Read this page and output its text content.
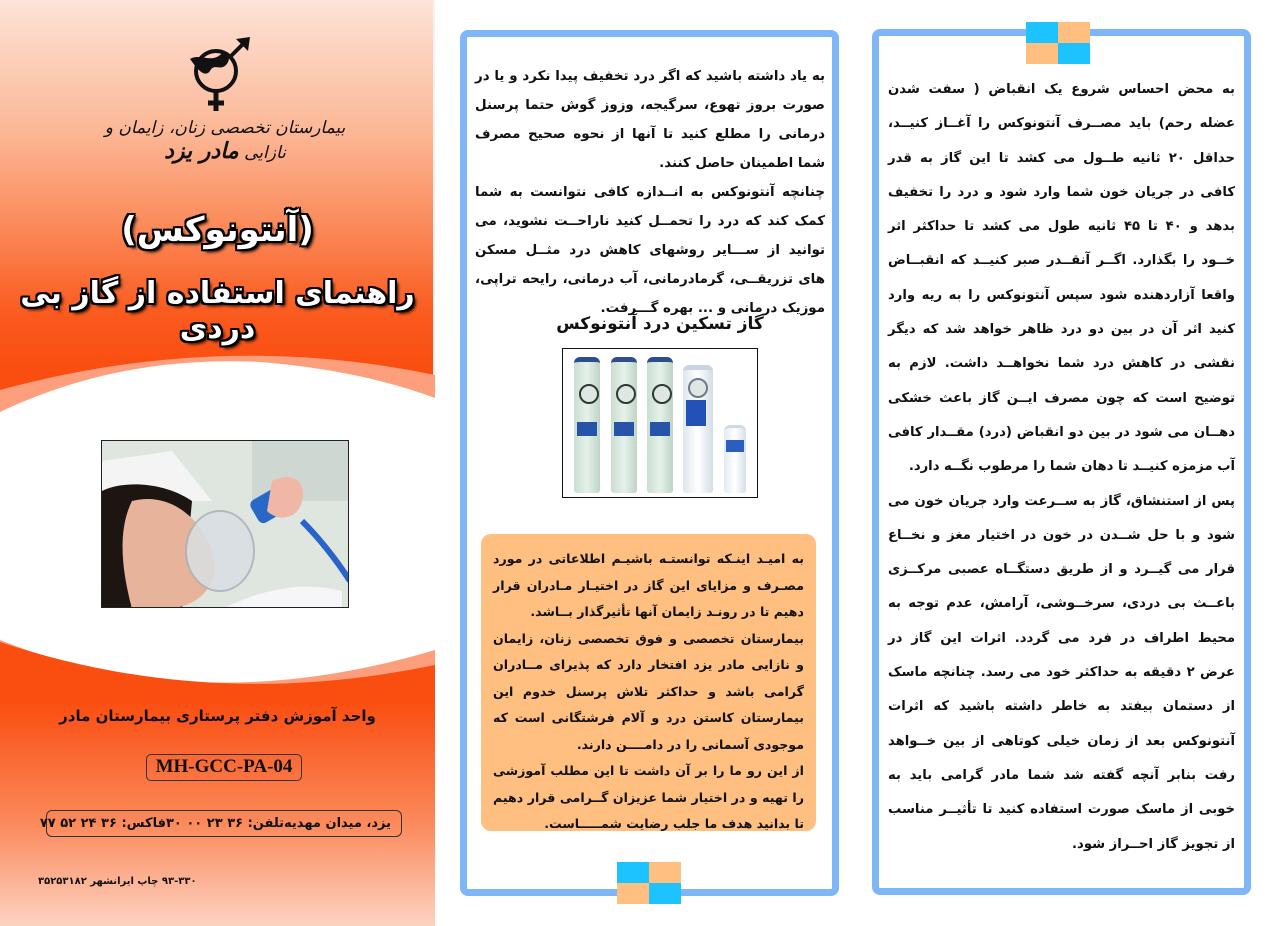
بیمارستان تخصصی زنان، زایمان و نازایی مادر یزد
(آنتونوکس)
راهنمای استفاده از گاز بی دردی
واحد آموزش دفتر پرستاری بیمارستان مادر
MH-GCC-PA-04
یزد، میدان مهدیه
تلفن: ۳۶ ۲۳ ۰۰ ۳۰
فاکس: ۳۶ ۲۴ ۵۲ ۷۷
۹۳-۳۳۰ چاپ ایرانشهر ۳۵۲۵۳۱۸۲

به یاد داشته باشید که اگر درد تخفیف پیدا نکرد و یا در صورت بروز تهوع، سرگیجه، وزوز گوش حتما پرسنل درمانی را مطلع کنید تا آنها از نحوه صحیح مصرف شما اطمینان حاصل کنند.

چنانچه آنتونوکس به انــدازه کافی نتوانست به شما کمک کند که درد را تحمــل کنید ناراحــت نشوید، می توانید از ســـایر روشهای کاهش درد مثــل مسکن های تزریقــی، گرمادرمانی، آب درمانی، رایحه تراپی، موزیک درمانی و ... بهره گـــرفت.

گاز تسکین درد آنتونوکس

به امیـد اینـکه توانستـه باشیـم اطلاعاتی در مورد مصـرف و مزایای این گاز در اختیـار مـادران قرار دهیم تا در رونـد زایمان آنها تأثیرگذار بــاشد.

بیمارستان تخصصی و فوق تخصصی زنان، زایمان و نازایی مادر یزد افتخار دارد که پذیرای مــادران گرامی باشد و حداکثر تلاش پرسنل خدوم این بیمارستان کاستن درد و آلام فرشتگانی است که موجودی آسمانی را در دامــــن دارند.

از این رو ما را بر آن داشت تا این مطلب آموزشی را تهیه و در اختیار شما عزیزان گــرامی قرار دهیم تا بدانید هدف ما جلب رضایت شمـــــاست.

به محض احساس شروع یک انقباض ( سفت شدن عضله رحم) باید مصــرف آنتونوکس را آغــاز کنیــد، حداقل ۲۰ ثانیه طــول می کشد تا این گاز به قدر کافی در جریان خون شما وارد شود و درد را تخفیف بدهد و ۴۰ تا ۴۵ ثانیه طول می کشد تا حداکثر اثر خــود را بگذارد. اگــر آنقــدر صبر کنیــد که انقبــاض واقعا آزاردهنده شود سپس آنتونوکس را به ریه وارد کنید اثر آن در بین دو درد ظاهر خواهد شد که دیگر نقشی در کاهش درد شما نخواهــد داشت. لازم به توضیح است که چون مصرف ایــن گاز باعث خشکی دهــان می شود در بین دو انقباض (درد) مقــدار کافی آب مزمزه کنیــد تا دهان شما را مرطوب نگــه دارد.

پس از استنشاق، گاز به ســرعت وارد جریان خون می شود و با حل شــدن در خون در اختیار مغز و نخــاع قرار می گیــرد و از طریق دستگــاه عصبی مرکــزی باعــث بی دردی، سرخــوشی، آرامش، عدم توجه به محیط اطراف در فرد می گردد. اثرات این گاز در عرض ۲ دقیقه به حداکثر خود می رسد. چنانچه ماسک از دستمان بیفتد به خاطر داشته باشید که اثرات آنتونوکس بعد از زمان خیلی کوتاهی از بین خــواهد رفت بنابر آنچه گفته شد شما مادر گرامی باید به خوبی از ماسک صورت استفاده کنید تا تأثیــر مناسب از تجویز گاز احــراز شود.
